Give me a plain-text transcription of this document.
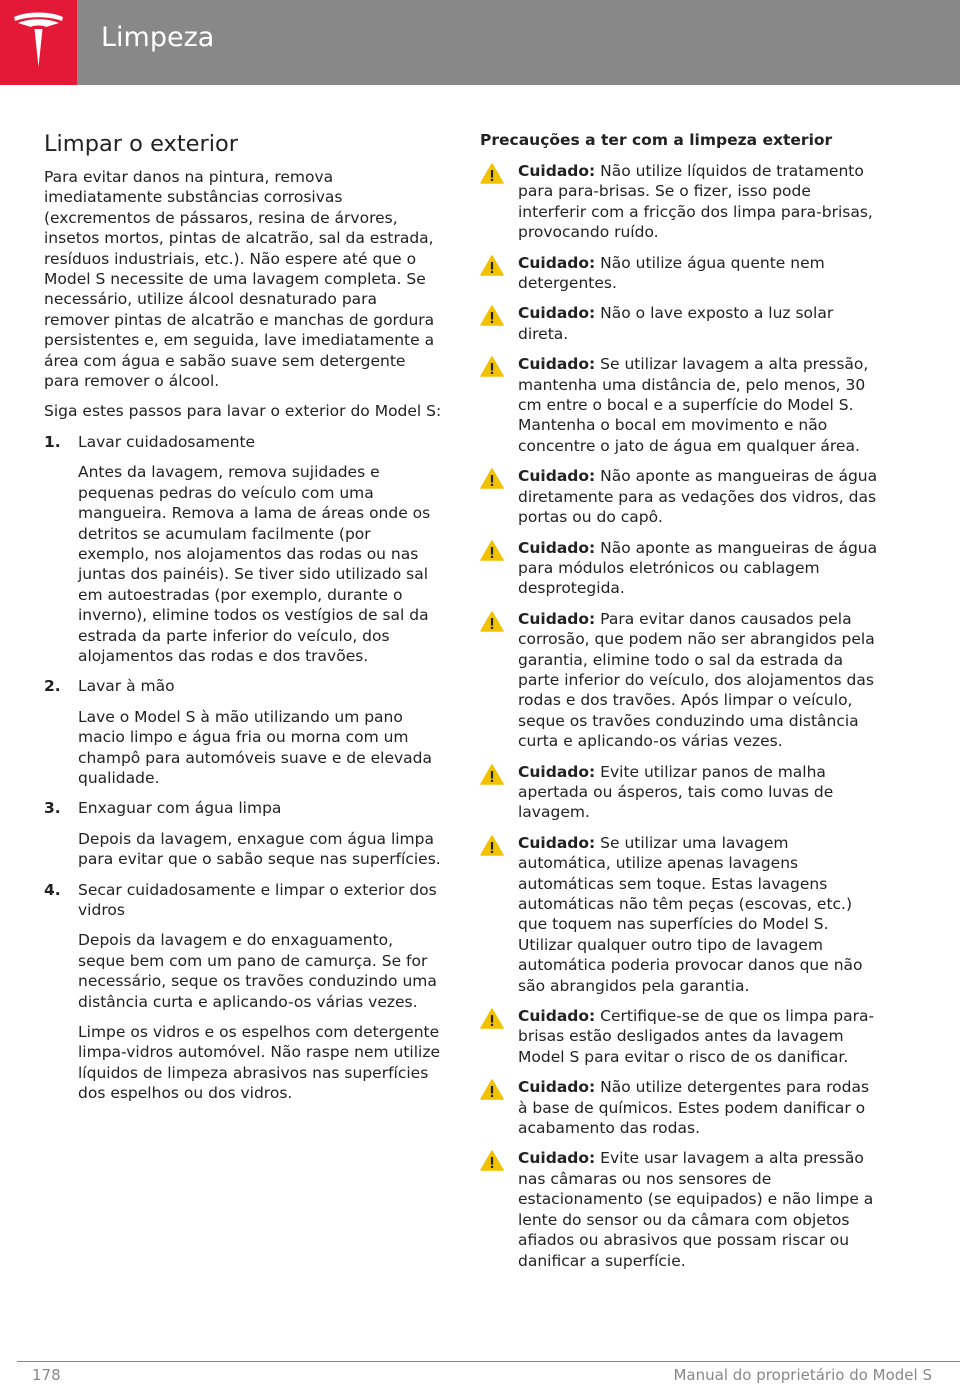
Limpeza
Limpar o exterior

Para evitar danos na pintura, remova imediatamente substâncias corrosivas (excrementos de pássaros, resina de árvores, insetos mortos, pintas de alcatrão, sal da estrada, resíduos industriais, etc.). Não espere até que o Model S necessite de uma lavagem completa. Se necessário, utilize álcool desnaturado para remover pintas de alcatrão e manchas de gordura persistentes e, em seguida, lave imediatamente a área com água e sabão suave sem detergente para remover o álcool.

Siga estes passos para lavar o exterior do Model S:

1. Lavar cuidadosamente
Antes da lavagem, remova sujidades e pequenas pedras do veículo com uma mangueira. Remova a lama de áreas onde os detritos se acumulam facilmente (por exemplo, nos alojamentos das rodas ou nas juntas dos painéis). Se tiver sido utilizado sal em autoestradas (por exemplo, durante o inverno), elimine todos os vestígios de sal da estrada da parte inferior do veículo, dos alojamentos das rodas e dos travões.
2. Lavar à mão
Lave o Model S à mão utilizando um pano macio limpo e água fria ou morna com um champô para automóveis suave e de elevada qualidade.
3. Enxaguar com água limpa
Depois da lavagem, enxague com água limpa para evitar que o sabão seque nas superfícies.
4. Secar cuidadosamente e limpar o exterior dos vidros
Depois da lavagem e do enxaguamento, seque bem com um pano de camurça. Se for necessário, seque os travões conduzindo uma distância curta e aplicando-os várias vezes.
Limpe os vidros e os espelhos com detergente limpa-vidros automóvel. Não raspe nem utilize líquidos de limpeza abrasivos nas superfícies dos espelhos ou dos vidros.
Precauções a ter com a limpeza exterior
Cuidado: Não utilize líquidos de tratamento para para-brisas. Se o fizer, isso pode interferir com a fricção dos limpa para-brisas, provocando ruído.
Cuidado: Não utilize água quente nem detergentes.
Cuidado: Não o lave exposto a luz solar direta.
Cuidado: Se utilizar lavagem a alta pressão, mantenha uma distância de, pelo menos, 30 cm entre o bocal e a superfície do Model S. Mantenha o bocal em movimento e não concentre o jato de água em qualquer área.
Cuidado: Não aponte as mangueiras de água diretamente para as vedações dos vidros, das portas ou do capô.
Cuidado: Não aponte as mangueiras de água para módulos eletrónicos ou cablagem desprotegida.
Cuidado: Para evitar danos causados pela corrosão, que podem não ser abrangidos pela garantia, elimine todo o sal da estrada da parte inferior do veículo, dos alojamentos das rodas e dos travões. Após limpar o veículo, seque os travões conduzindo uma distância curta e aplicando-os várias vezes.
Cuidado: Evite utilizar panos de malha apertada ou ásperos, tais como luvas de lavagem.
Cuidado: Se utilizar uma lavagem automática, utilize apenas lavagens automáticas sem toque. Estas lavagens automáticas não têm peças (escovas, etc.) que toquem nas superfícies do Model S. Utilizar qualquer outro tipo de lavagem automática poderia provocar danos que não são abrangidos pela garantia.
Cuidado: Certifique-se de que os limpa para-brisas estão desligados antes da lavagem Model S para evitar o risco de os danificar.
Cuidado: Não utilize detergentes para rodas à base de químicos. Estes podem danificar o acabamento das rodas.
Cuidado: Evite usar lavagem a alta pressão nas câmaras ou nos sensores de estacionamento (se equipados) e não limpe a lente do sensor ou da câmara com objetos afiados ou abrasivos que possam riscar ou danificar a superfície.
178	Manual do proprietário do Model S
